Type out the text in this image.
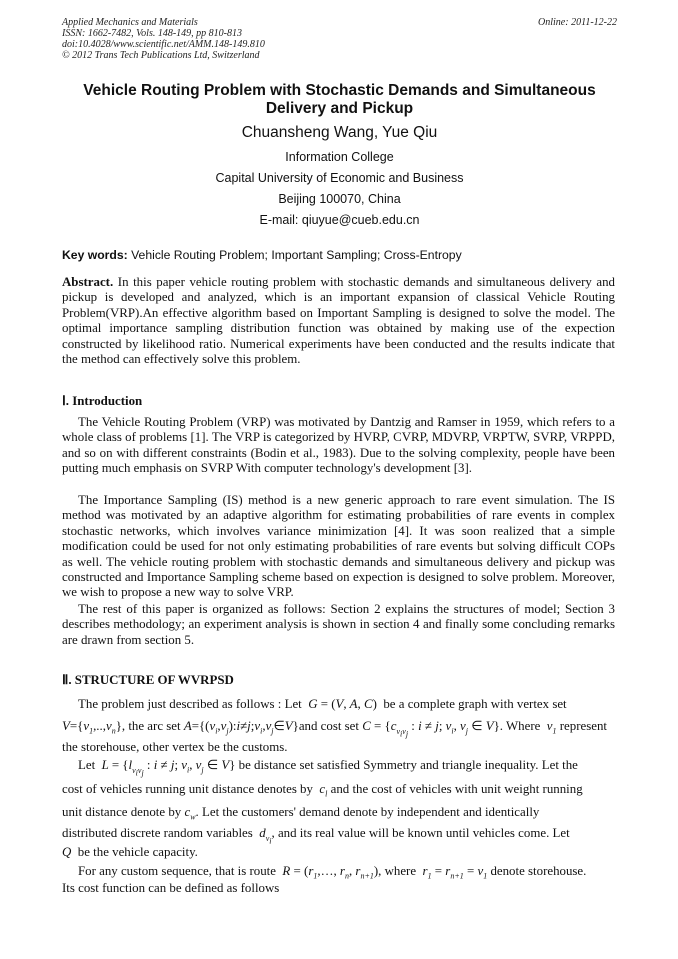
Applied Mechanics and Materials
ISSN: 1662-7482, Vols. 148-149, pp 810-813
doi:10.4028/www.scientific.net/AMM.148-149.810
© 2012 Trans Tech Publications Ltd, Switzerland
Online: 2011-12-22
Vehicle Routing Problem with Stochastic Demands and Simultaneous Delivery and Pickup
Chuansheng Wang, Yue Qiu
Information College
Capital University of Economic and Business
Beijing 100070, China
E-mail: qiuyue@cueb.edu.cn
Key words: Vehicle Routing Problem; Important Sampling; Cross-Entropy
Abstract. In this paper vehicle routing problem with stochastic demands and simultaneous delivery and pickup is developed and analyzed, which is an important expansion of classical Vehicle Routing Problem(VRP).An effective algorithm based on Important Sampling is designed to solve the model. The optimal importance sampling distribution function was obtained by making use of the expection constructed by likelihood ratio. Numerical experiments have been conducted and the results indicate that the method can effectively solve this problem.
Ⅰ. Introduction
The Vehicle Routing Problem (VRP) was motivated by Dantzig and Ramser in 1959, which refers to a whole class of problems [1]. The VRP is categorized by HVRP, CVRP, MDVRP, VRPTW, SVRP, VRPPD, and so on with different constraints (Bodin et al., 1983). Due to the solving complexity, people have been putting much emphasis on SVRP With computer technology's development [3].
The Importance Sampling (IS) method is a new generic approach to rare event simulation. The IS method was motivated by an adaptive algorithm for estimating probabilities of rare events in complex stochastic networks, which involves variance minimization [4]. It was soon realized that a simple modification could be used for not only estimating probabilities of rare events but solving difficult COPs as well. The vehicle routing problem with stochastic demands and simultaneous delivery and pickup was constructed and Importance Sampling scheme based on expection is designed to solve problem. Moreover, we wish to propose a new way to solve VRP.
The rest of this paper is organized as follows: Section 2 explains the structures of model; Section 3 describes methodology; an experiment analysis is shown in section 4 and finally some concluding remarks are drawn from section 5.
Ⅱ. STRUCTURE OF WVRPSD
The problem just described as follows : Let  G = (V, A, C) be a complete graph with vertex set
$V=\{v_1,..,v_n\}$, the arc set $A=\{(v_i,v_j):i\ne j;v_i,v_j\in V\}and$ cost set $C = \{c_{v_iv_j}$ : i ≠ j; $v_i$, $v_j$ ∈ V}. Where  $v_1$ represent
the storehouse, other vertex be the customs.
Let  $L = \{l_{v_iv_j}$ : i ≠ j; $v_i$, $v_j$ ∈ V} be distance set satisfied Symmetry and triangle inequality. Let the
cost of vehicles running unit distance denotes by  $c_l$ and the cost of vehicles with unit weight running
unit distance denote by $c_w$. Let the customers' demand denote by independent and identically
distributed discrete random variables  $d_{v_i}$, and its real value will be known until vehicles come. Let
Q  be the vehicle capacity.
For any custom sequence, that is route  $R = (r_1,\dots$, $r_n$, $r_{n+1}$), where  $r_1 = r_{n+1} = v_1$ denote storehouse.
Its cost function can be defined as follows
